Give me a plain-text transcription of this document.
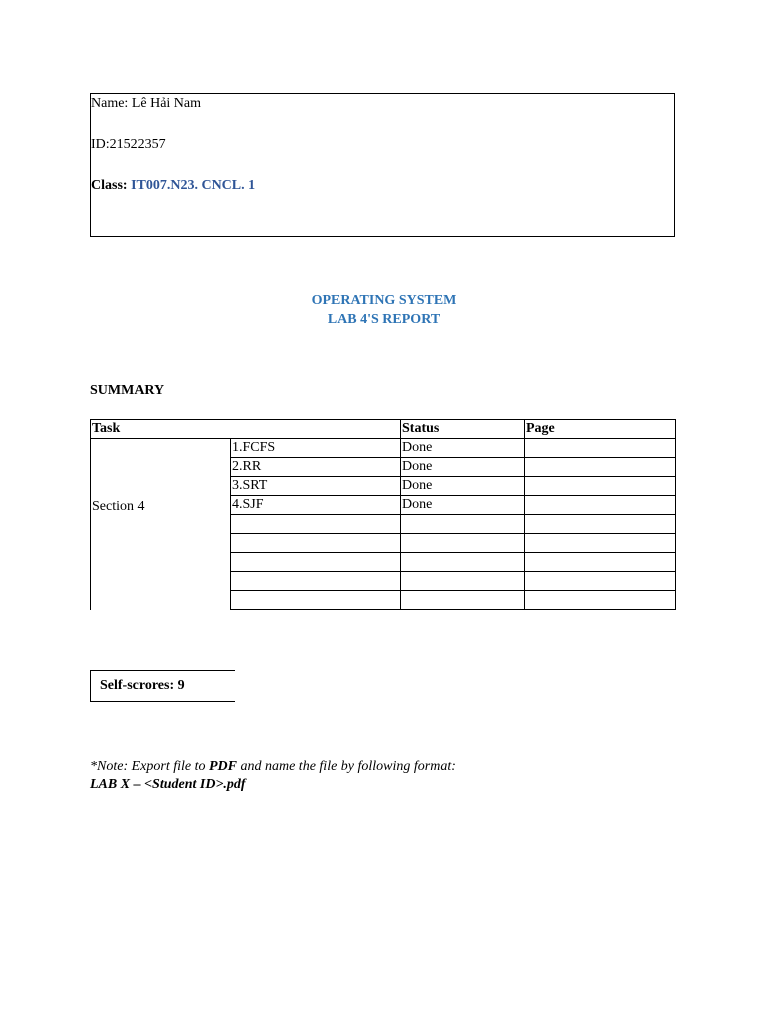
Name: Lê Hải Nam
ID:21522357
Class: IT007.N23. CNCL. 1
OPERATING SYSTEM
LAB 4'S REPORT
SUMMARY
Task		Status	Page
Section 4	1.FCFS	Done	
	2.RR	Done	
	3.SRT	Done	
	4.SJF	Done	

Self-scrores: 9
*Note: Export file to PDF and name the file by following format:
LAB X – <Student ID>.pdf
